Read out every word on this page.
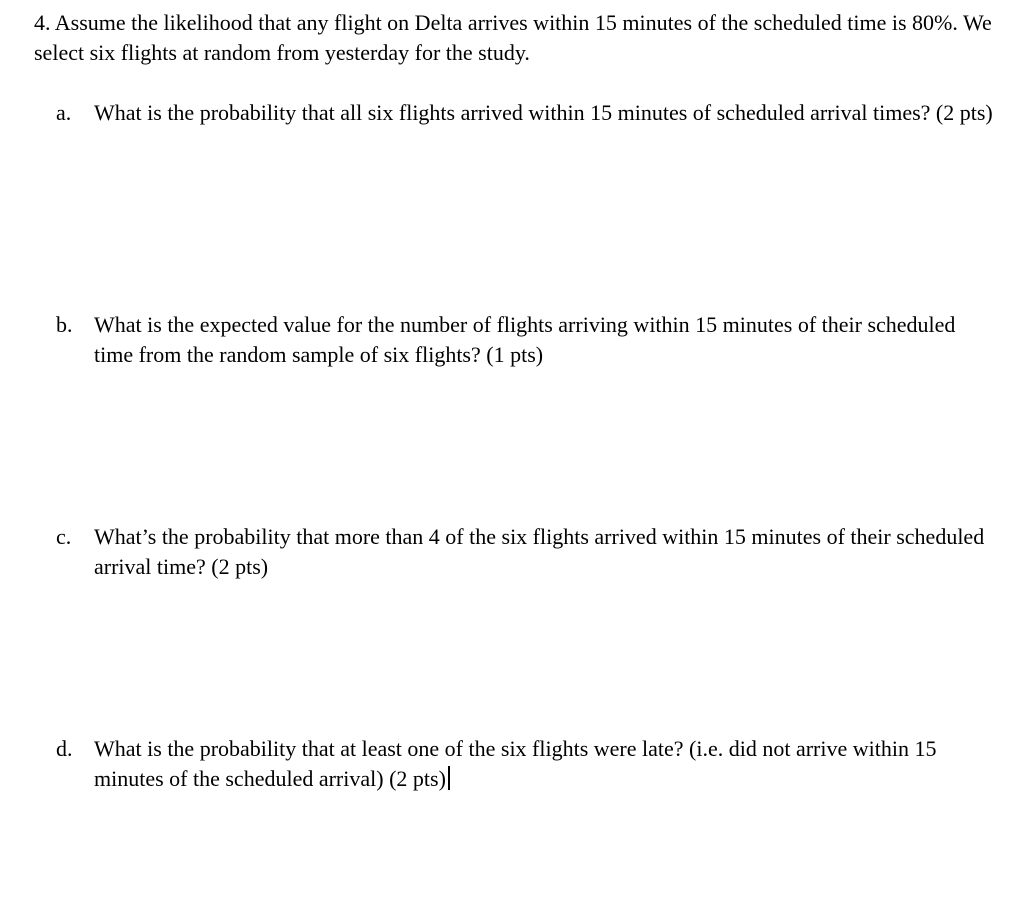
4. Assume the likelihood that any flight on Delta arrives within 15 minutes of the scheduled time is 80%. We select six flights at random from yesterday for the study.
a.	What is the probability that all six flights arrived within 15 minutes of scheduled arrival times? (2 pts)
b. What is the expected value for the number of flights arriving within 15 minutes of their scheduled time from the random sample of six flights? (1 pts)
c.	What’s the probability that more than 4 of the six flights arrived within 15 minutes of their scheduled arrival time? (2 pts)
d. What is the probability that at least one of the six flights were late? (i.e. did not arrive within 15 minutes of the scheduled arrival) (2 pts)
